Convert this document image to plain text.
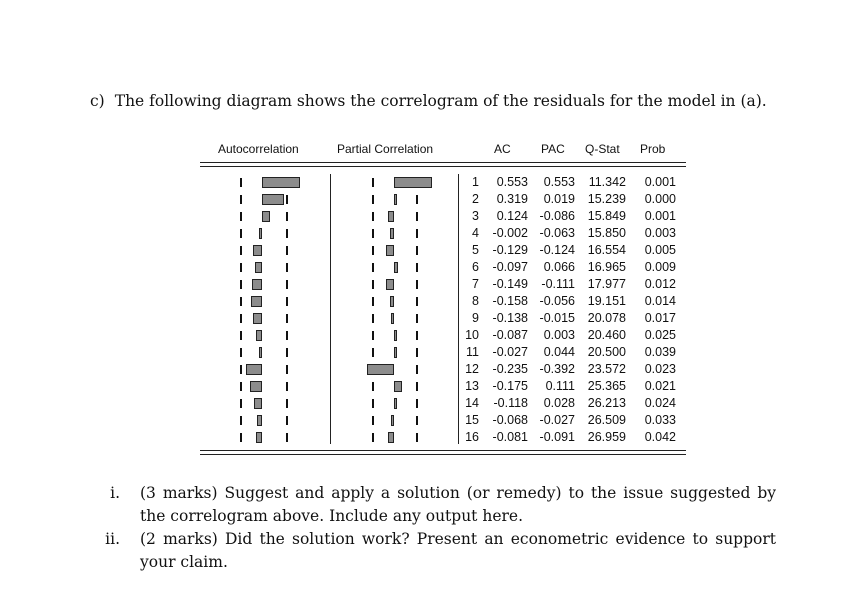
c) The following diagram shows the correlogram of the residuals for the model in (a).
Autocorrelation	Partial Correlation	AC	PAC Q-Stat Prob
1 0.553 0.553 11.342 0.001
2 0.319 0.019 15.239 0.000
3 0.124 -0.086 15.849 0.001
4 -0.002 -0.063 15.850 0.003
5 -0.129 -0.124 16.554 0.005
6 -0.097 0.066 16.965 0.009
7 -0.149 -0.111 17.977 0.012
8 -0.158 -0.056 19.151 0.014
9 -0.138 -0.015 20.078 0.017
10 -0.087 0.003 20.460 0.025
11 -0.027 0.044 20.500 0.039
12 -0.235 -0.392 23.572 0.023
13 -0.175 0.111 25.365 0.021
14 -0.118 0.028 26.213 0.024
15 -0.068 -0.027 26.509 0.033
16 -0.081 -0.091 26.959 0.042
i. (3 marks) Suggest and apply a solution (or remedy) to the issue suggested by the correlogram above. Include any output here.
ii. (2 marks) Did the solution work? Present an econometric evidence to support your claim.
